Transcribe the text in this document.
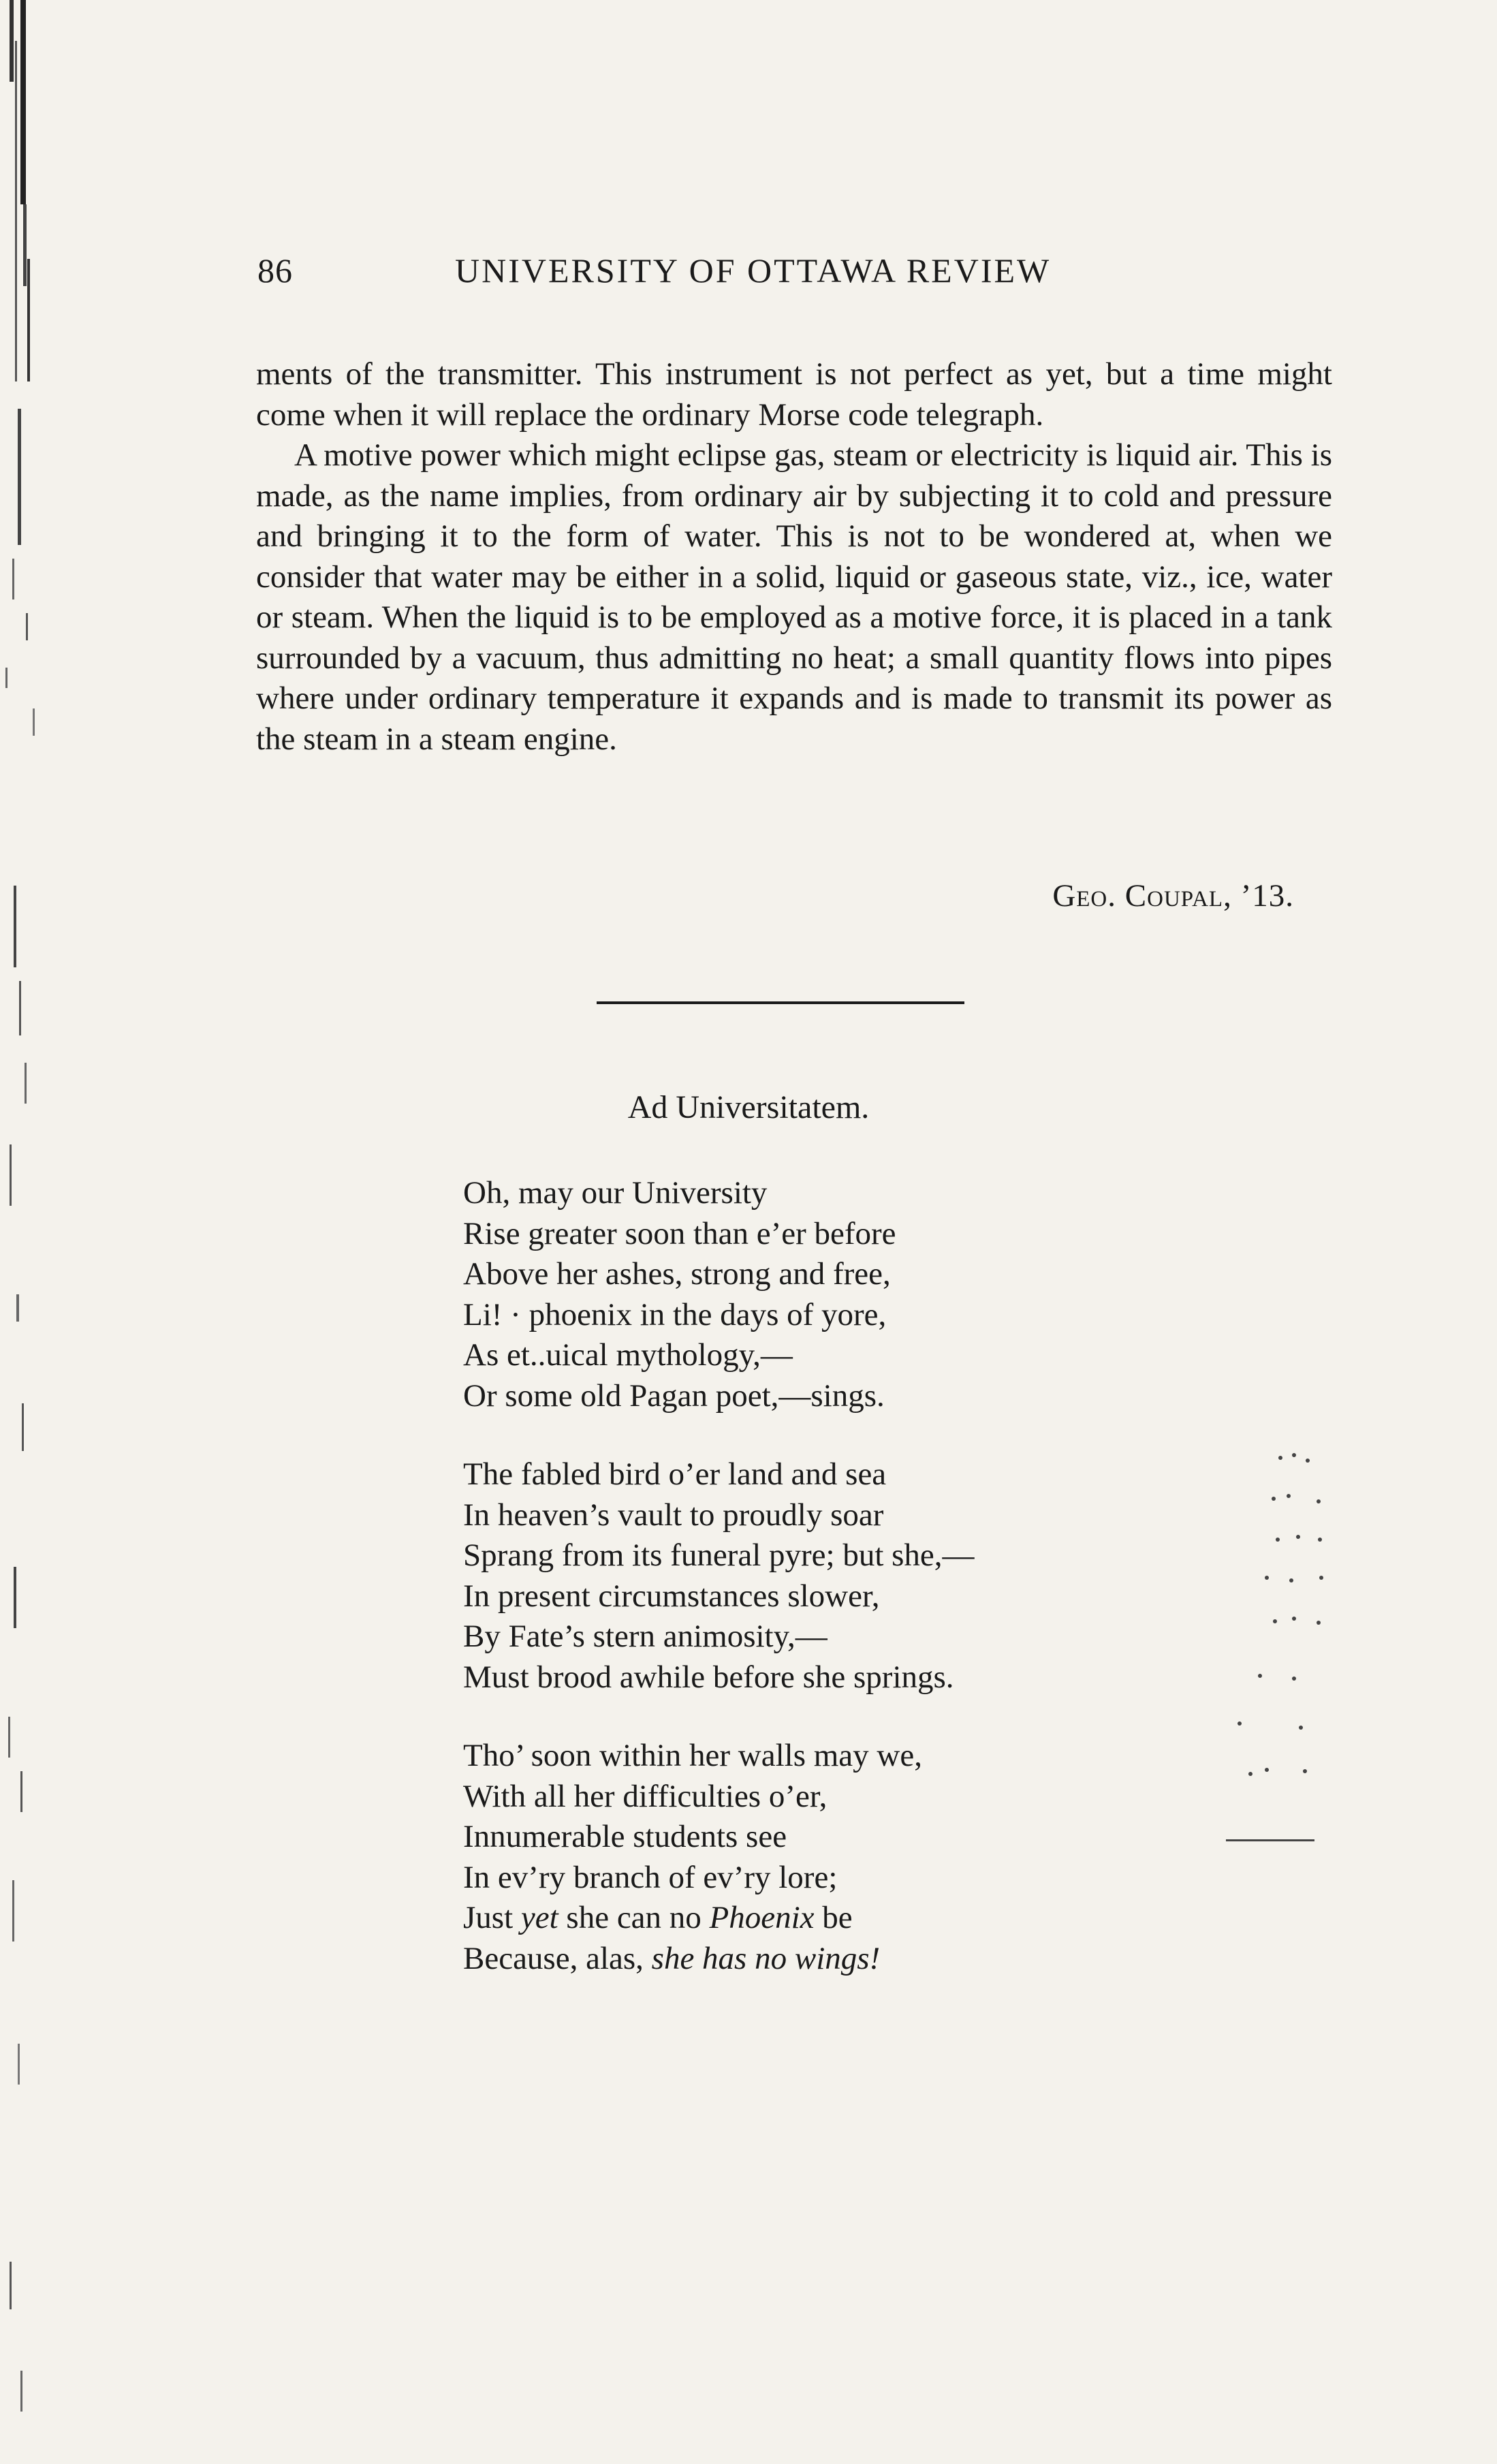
86	UNIVERSITY OF OTTAWA REVIEW

ments of the transmitter. This instrument is not perfect as yet, but a time might come when it will replace the ordinary Morse code telegraph.

A motive power which might eclipse gas, steam or electricity is liquid air. This is made, as the name implies, from ordinary air by subjecting it to cold and pressure and bringing it to the form of water. This is not to be wondered at, when we consider that water may be either in a solid, liquid or gaseous state, viz., ice, water or steam. When the liquid is to be employed as a motive force, it is placed in a tank surrounded by a vacuum, thus admitting no heat; a small quantity flows into pipes where under ordinary temperature it expands and is made to transmit its power as the steam in a steam engine.

Geo. Coupal, ’13.
Ad Universitatem.
Oh, may our University
Rise greater soon than e’er before
Above her ashes, strong and free,
Li! · phoenix in the days of yore,
As et..uical mythology,—
Or some old Pagan poet,—sings.
The fabled bird o’er land and sea
In heaven’s vault to proudly soar
Sprang from its funeral pyre; but she,—
In present circumstances slower,
By Fate’s stern animosity,—
Must brood awhile before she springs.
Tho’ soon within her walls may we,
With all her difficulties o’er,
Innumerable students see
In ev’ry branch of ev’ry lore;
Just yet she can no Phoenix be
Because, alas, she has no wings!
